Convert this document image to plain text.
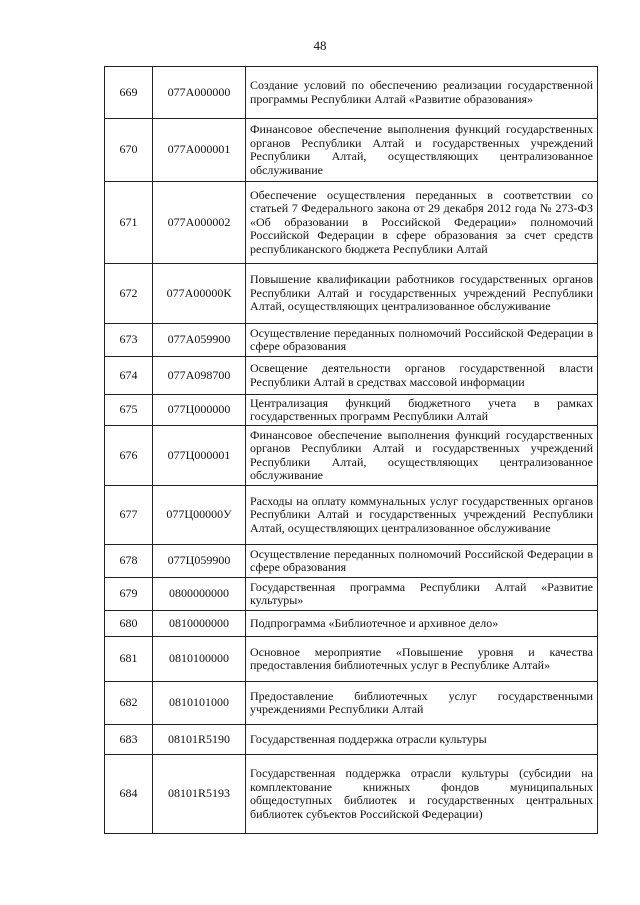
48
669	077А000000	Создание условий по обеспечению реализации государственной программы Республики Алтай «Развитие образования»
670	077А000001	Финансовое обеспечение выполнения функций государственных органов Республики Алтай и государственных учреждений Республики Алтай, осуществляющих централизованное обслуживание
671	077А000002	Обеспечение осуществления переданных в соответствии со статьей 7 Федерального закона от 29 декабря 2012 года № 273-ФЗ «Об образовании в Российской Федерации» полномочий Российской Федерации в сфере образования за счет средств республиканского бюджета Республики Алтай
672	077А00000К	Повышение квалификации работников государственных органов Республики Алтай и государственных учреждений Республики Алтай, осуществляющих централизованное обслуживание
673	077А059900	Осуществление переданных полномочий Российской Федерации в сфере образования
674	077А098700	Освещение деятельности органов государственной власти Республики Алтай в средствах массовой информации
675	077Ц000000	Централизация функций бюджетного учета в рамках государственных программ Республики Алтай
676	077Ц000001	Финансовое обеспечение выполнения функций государственных органов Республики Алтай и государственных учреждений Республики Алтай, осуществляющих централизованное обслуживание
677	077Ц00000У	Расходы на оплату коммунальных услуг государственных органов Республики Алтай и государственных учреждений Республики Алтай, осуществляющих централизованное обслуживание
678	077Ц059900	Осуществление переданных полномочий Российской Федерации в сфере образования
679	0800000000	Государственная программа Республики Алтай «Развитие культуры»
680	0810000000	Подпрограмма «Библиотечное и архивное дело»
681	0810100000	Основное мероприятие «Повышение уровня и качества предоставления библиотечных услуг в Республике Алтай»
682	0810101000	Предоставление библиотечных услуг государственными учреждениями Республики Алтай
683	08101R5190	Государственная поддержка отрасли культуры
684	08101R5193	Государственная поддержка отрасли культуры (субсидии на комплектование книжных фондов муниципальных общедоступных библиотек и государственных центральных библиотек субъектов Российской Федерации)
